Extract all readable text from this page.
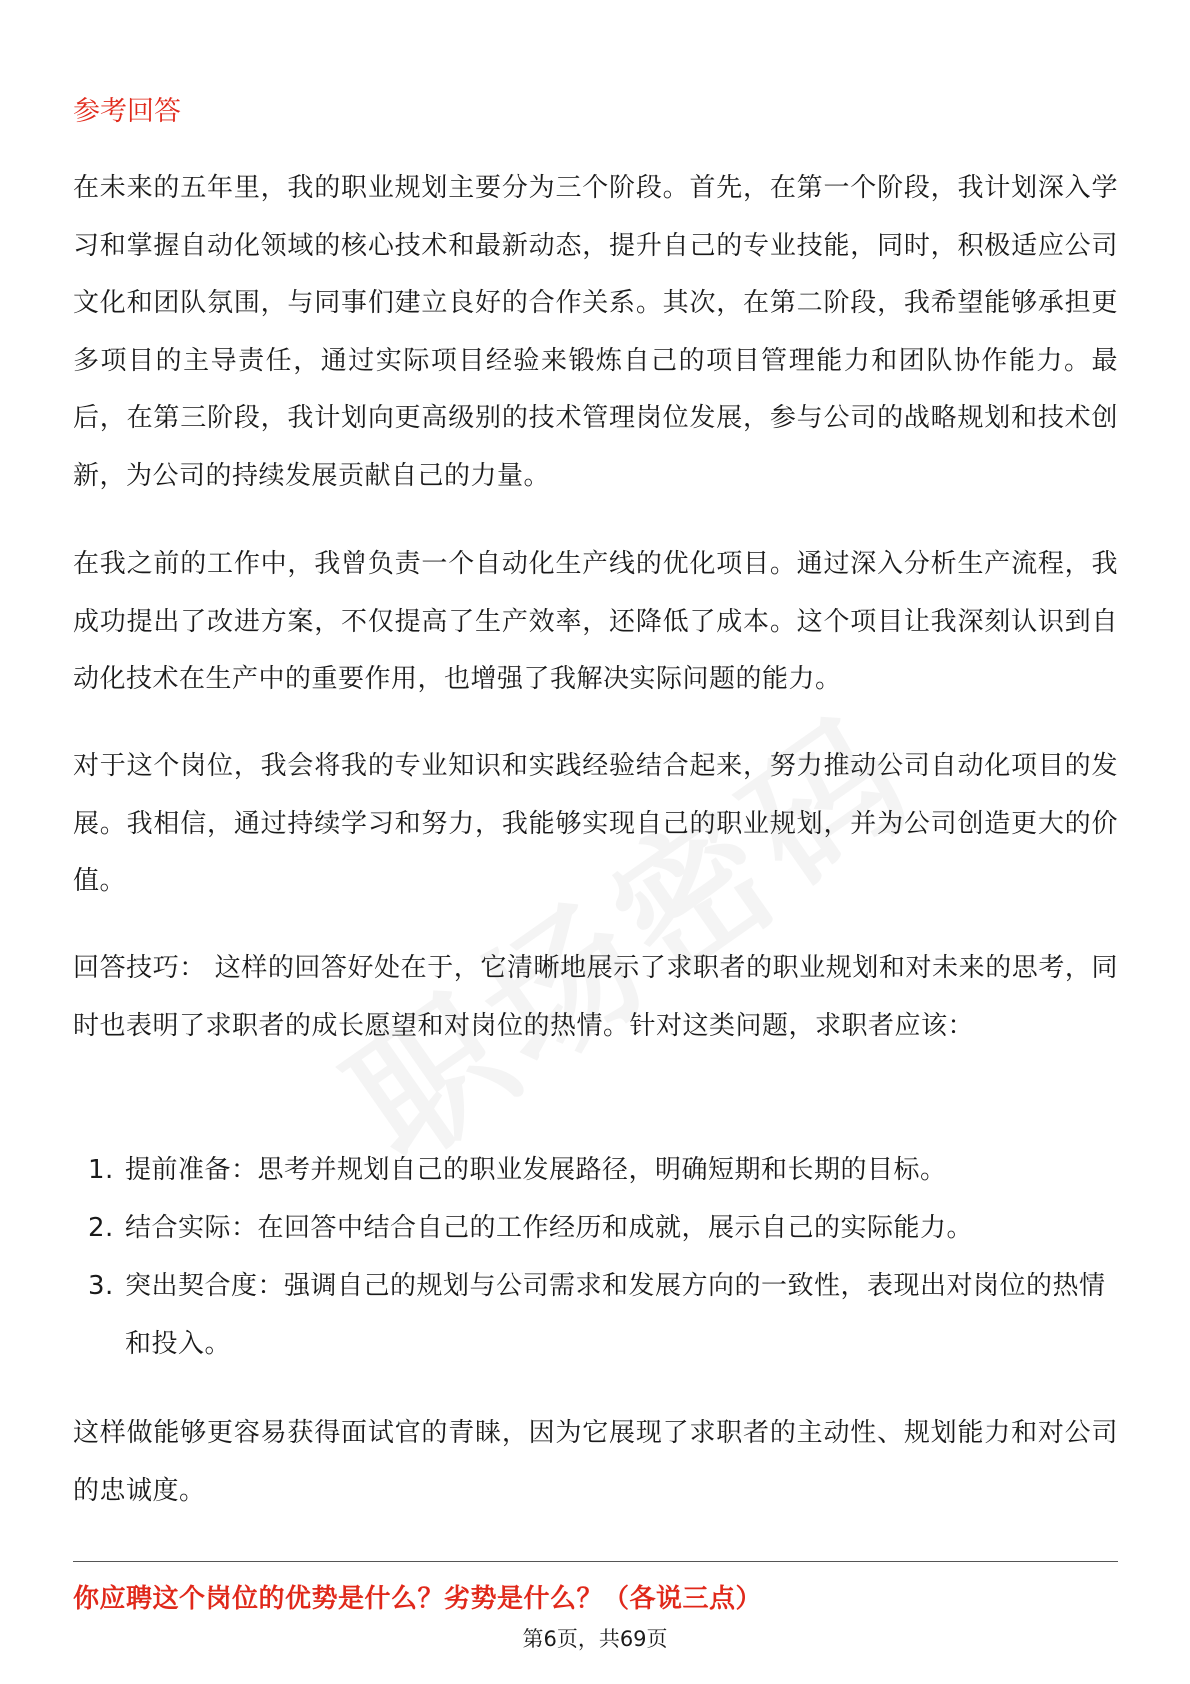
参考回答

在未来的五年里，我的职业规划主要分为三个阶段。首先，在第一个阶段，我计划深入学习和掌握自动化领域的核心技术和最新动态，提升自己的专业技能，同时，积极适应公司文化和团队氛围，与同事们建立良好的合作关系。其次，在第二阶段，我希望能够承担更多项目的主导责任，通过实际项目经验来锻炼自己的项目管理能力和团队协作能力。最后，在第三阶段，我计划向更高级别的技术管理岗位发展，参与公司的战略规划和技术创新，为公司的持续发展贡献自己的力量。

在我之前的工作中，我曾负责一个自动化生产线的优化项目。通过深入分析生产流程，我成功提出了改进方案，不仅提高了生产效率，还降低了成本。这个项目让我深刻认识到自动化技术在生产中的重要作用，也增强了我解决实际问题的能力。

对于这个岗位，我会将我的专业知识和实践经验结合起来，努力推动公司自动化项目的发展。我相信，通过持续学习和努力，我能够实现自己的职业规划，并为公司创造更大的价值。

回答技巧： 这样的回答好处在于，它清晰地展示了求职者的职业规划和对未来的思考，同时也表明了求职者的成长愿望和对岗位的热情。针对这类问题，求职者应该：

1. 提前准备：思考并规划自己的职业发展路径，明确短期和长期的目标。
2. 结合实际：在回答中结合自己的工作经历和成就，展示自己的实际能力。
3. 突出契合度：强调自己的规划与公司需求和发展方向的一致性，表现出对岗位的热情和投入。

这样做能够更容易获得面试官的青睐，因为它展现了求职者的主动性、规划能力和对公司的忠诚度。

你应聘这个岗位的优势是什么？劣势是什么？（各说三点）

第6页，共69页
